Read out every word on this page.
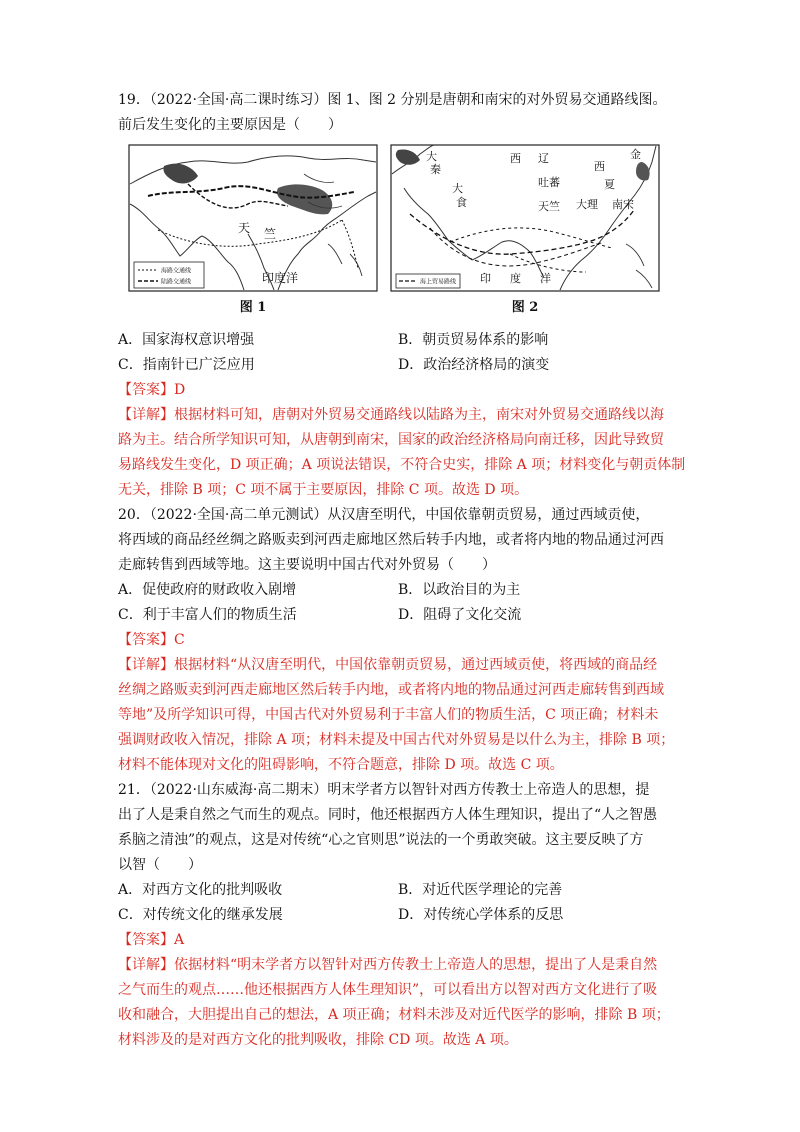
19．（2022·全国·高二课时练习）图 1、图 2 分别是唐朝和南宋的对外贸易交通路线图。

前后发生变化的主要原因是（　　）

天 竺
印度洋
海路交通线
陆路交通线
图 1
大
秦
西 辽
西
夏
金
吐蕃
大
食	天竺 大理 南宋
印 度 洋
海上贸易路线
图 2
A．国家海权意识增强	B．朝贡贸易体系的影响
C．指南针已广泛应用	D．政治经济格局的演变

【答案】D

【详解】根据材料可知，唐朝对外贸易交通路线以陆路为主，南宋对外贸易交通路线以海

路为主。结合所学知识可知，从唐朝到南宋，国家的政治经济格局向南迁移，因此导致贸

易路线发生变化，D 项正确；A 项说法错误，不符合史实，排除 A 项；材料变化与朝贡体制

无关，排除 B 项；C 项不属于主要原因，排除 C 项。故选 D 项。

20．（2022·全国·高二单元测试）从汉唐至明代，中国依靠朝贡贸易，通过西域贡使，

将西域的商品经丝绸之路贩卖到河西走廊地区然后转手内地，或者将内地的物品通过河西

走廊转售到西域等地。这主要说明中国古代对外贸易（　　）

A．促使政府的财政收入剧增	B．以政治目的为主
C．利于丰富人们的物质生活	D．阻碍了文化交流

【答案】C

【详解】根据材料“从汉唐至明代，中国依靠朝贡贸易，通过西域贡使，将西域的商品经

丝绸之路贩卖到河西走廊地区然后转手内地，或者将内地的物品通过河西走廊转售到西域

等地”及所学知识可得，中国古代对外贸易利于丰富人们的物质生活，C 项正确；材料未

强调财政收入情况，排除 A 项；材料未提及中国古代对外贸易是以什么为主，排除 B 项；

材料不能体现对文化的阻碍影响，不符合题意，排除 D 项。故选 C 项。

21．（2022·山东威海·高二期末）明末学者方以智针对西方传教士上帝造人的思想，提

出了人是秉自然之气而生的观点。同时，他还根据西方人体生理知识，提出了“人之智愚

系脑之清浊”的观点，这是对传统“心之官则思”说法的一个勇敢突破。这主要反映了方

以智（　　）

A．对西方文化的批判吸收	B．对近代医学理论的完善
C．对传统文化的继承发展	D．对传统心学体系的反思

【答案】A

【详解】依据材料“明末学者方以智针对西方传教士上帝造人的思想，提出了人是秉自然

之气而生的观点……他还根据西方人体生理知识”，可以看出方以智对西方文化进行了吸

收和融合，大胆提出自己的想法，A 项正确；材料未涉及对近代医学的影响，排除 B 项；

材料涉及的是对西方文化的批判吸收，排除 CD 项。故选 A 项。
